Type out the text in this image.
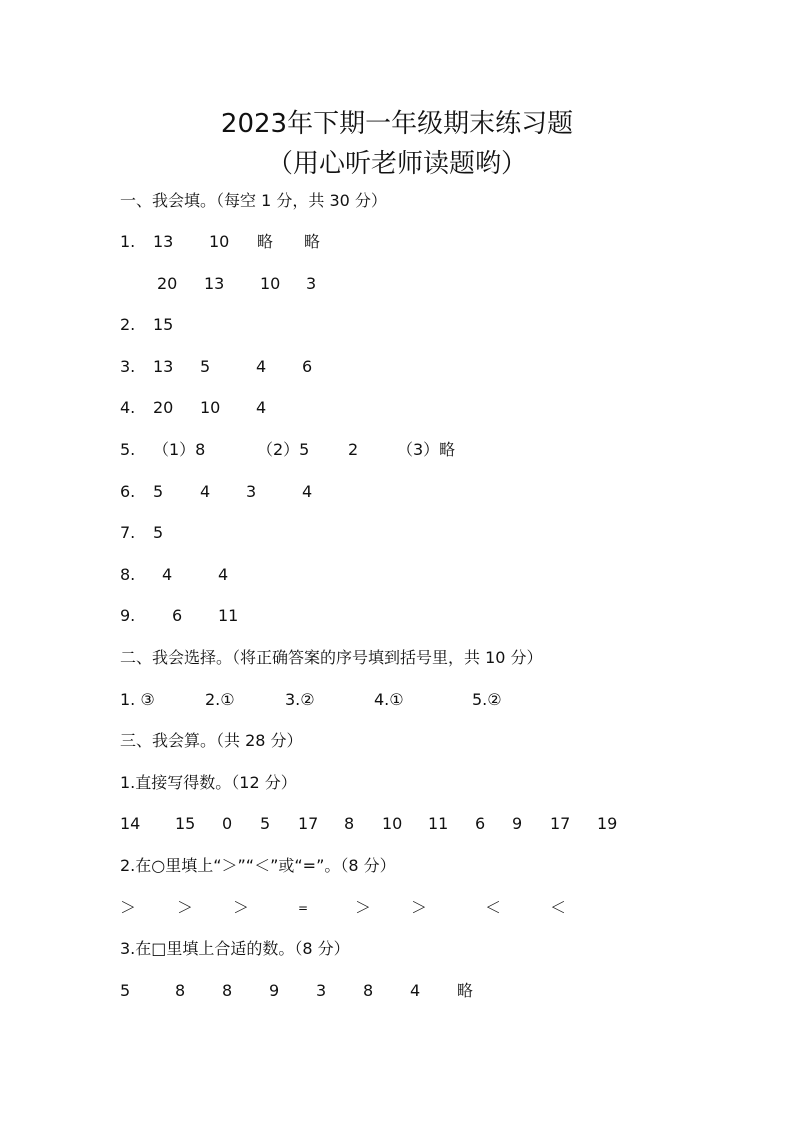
2023年下期一年级期末练习题
（用心听老师读题哟）
一、我会填。（每空 1 分，共 30 分）
1. 13 10 略 略
20 13 10 3
2. 15
3. 13 5	4 6
4. 20 10 4
5. （1）8	（2）5 2 （3）略
6. 5 4 3	4
7. 5
8. 4	4
9. 6 11
二、我会选择。（将正确答案的序号填到括号里，共 10 分）
1. ③	2.①	3.②	4.①	5.②
三、我会算。（共 28 分）
1.直接写得数。（12 分）
14 15 0 5 17 8 10 11 6 9 17 19
2.在○里填上“＞”“＜”或“=”。（8 分）
＞	＞ ＞	=	＞ ＞	＜	＜
3.在□里填上合适的数。（8 分）
5	8 8 9 3 8 4 略
